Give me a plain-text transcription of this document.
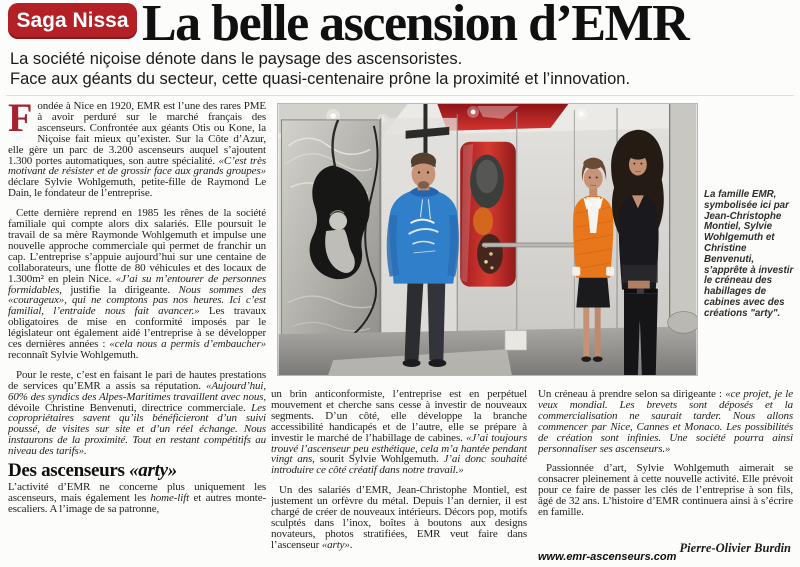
Saga Nissa La belle ascension d’EMR
La société niçoise dénote dans le paysage des ascensoristes.
Face aux géants du secteur, cette quasi-centenaire prône la proximité et l’innovation.

Fondée à Nice en 1920, EMR est l’une des rares PME à avoir perduré sur le marché français des ascenseurs. Confrontée aux géants Otis ou Kone, la Niçoise fait mieux qu’exister. Sur la Côte d’Azur, elle gère un parc de 3.200 ascenseurs auquel s’ajoutent 1.300 portes automatiques, son autre spécialité. «C’est très motivant de résister et de grossir face aux grands groupes» déclare Sylvie Wohlgemuth, petite-fille de Raymond Le Dain, le fondateur de l’entreprise.

Cette dernière reprend en 1985 les rênes de la société familiale qui compte alors dix salariés. Elle poursuit le travail de sa mère Raymonde Wohlgemuth et impulse une nouvelle approche commerciale qui permet de franchir un cap. L’entreprise s’appuie aujourd’hui sur une centaine de collaborateurs, une flotte de 80 véhicules et des locaux de 1.300m² en plein Nice. «J’ai su m’entourer de personnes formidables, justifie la dirigeante. Nous sommes des «courageux», qui ne comptons pas nos heures. Ici c’est familial, l’entraide nous fait avancer.» Les travaux obligatoires de mise en conformité imposés par le législateur ont également aidé l’entreprise à se développer ces dernières années : «cela nous a permis d’embaucher» reconnaît Sylvie Wohlgemuth.

Pour le reste, c’est en faisant le pari de hautes prestations de services qu’EMR a assis sa réputation. «Aujourd’hui, 60% des syndics des Alpes-Maritimes travaillent avec nous, dévoile Christine Benvenuti, directrice commerciale. Les copropriétaires savent qu’ils bénéficieront d’un suivi poussé, de visites sur site et d’un réel échange. Nous instaurons de la proximité. Tout en restant compétitifs au niveau des tarifs».

Des ascenseurs «arty»

L’activité d’EMR ne concerne plus uniquement les ascenseurs, mais également les home-lift et autres monte-escaliers. A l’image de sa patronne,

La famille EMR, symbolisée ici par Jean-Christophe Montiel, Sylvie Wohlgemuth et Christine Benvenuti, s’apprête à investir le créneau des habillages de cabines avec des créations "arty".

un brin anticonformiste, l’entreprise est en perpétuel mouvement et cherche sans cesse à investir de nouveaux segments. D’un côté, elle développe la branche accessibilité handicapés et de l’autre, elle se prépare à investir le marché de l’habillage de cabines. «J’ai toujours trouvé l’ascenseur peu esthétique, cela m’a hantée pendant vingt ans, sourit Sylvie Wohlgemuth. J’ai donc souhaité introduire ce côté créatif dans notre travail.»

Un des salariés d’EMR, Jean-Christophe Montiel, est justement un orfèvre du métal. Depuis l’an dernier, il est chargé de créer de nouveaux intérieurs. Décors pop, motifs sculptés dans l’inox, boîtes à boutons aux designs novateurs, photos stratifiées, EMR veut faire dans l’ascenseur «arty».

Un créneau à prendre selon sa dirigeante : «ce projet, je le veux mondial. Les brevets sont déposés et la commercialisation ne saurait tarder. Nous allons commencer par Nice, Cannes et Monaco. Les possibilités de création sont infinies. Une société pourra ainsi personnaliser ses ascenseurs.»

Passionnée d’art, Sylvie Wohlgemuth aimerait se consacrer pleinement à cette nouvelle activité. Elle prévoit pour ce faire de passer les clés de l’entreprise à son fils, âgé de 32 ans. L’histoire d’EMR continuera ainsi à s’écrire en famille.

Pierre-Olivier Burdin
www.emr-ascenseurs.com
